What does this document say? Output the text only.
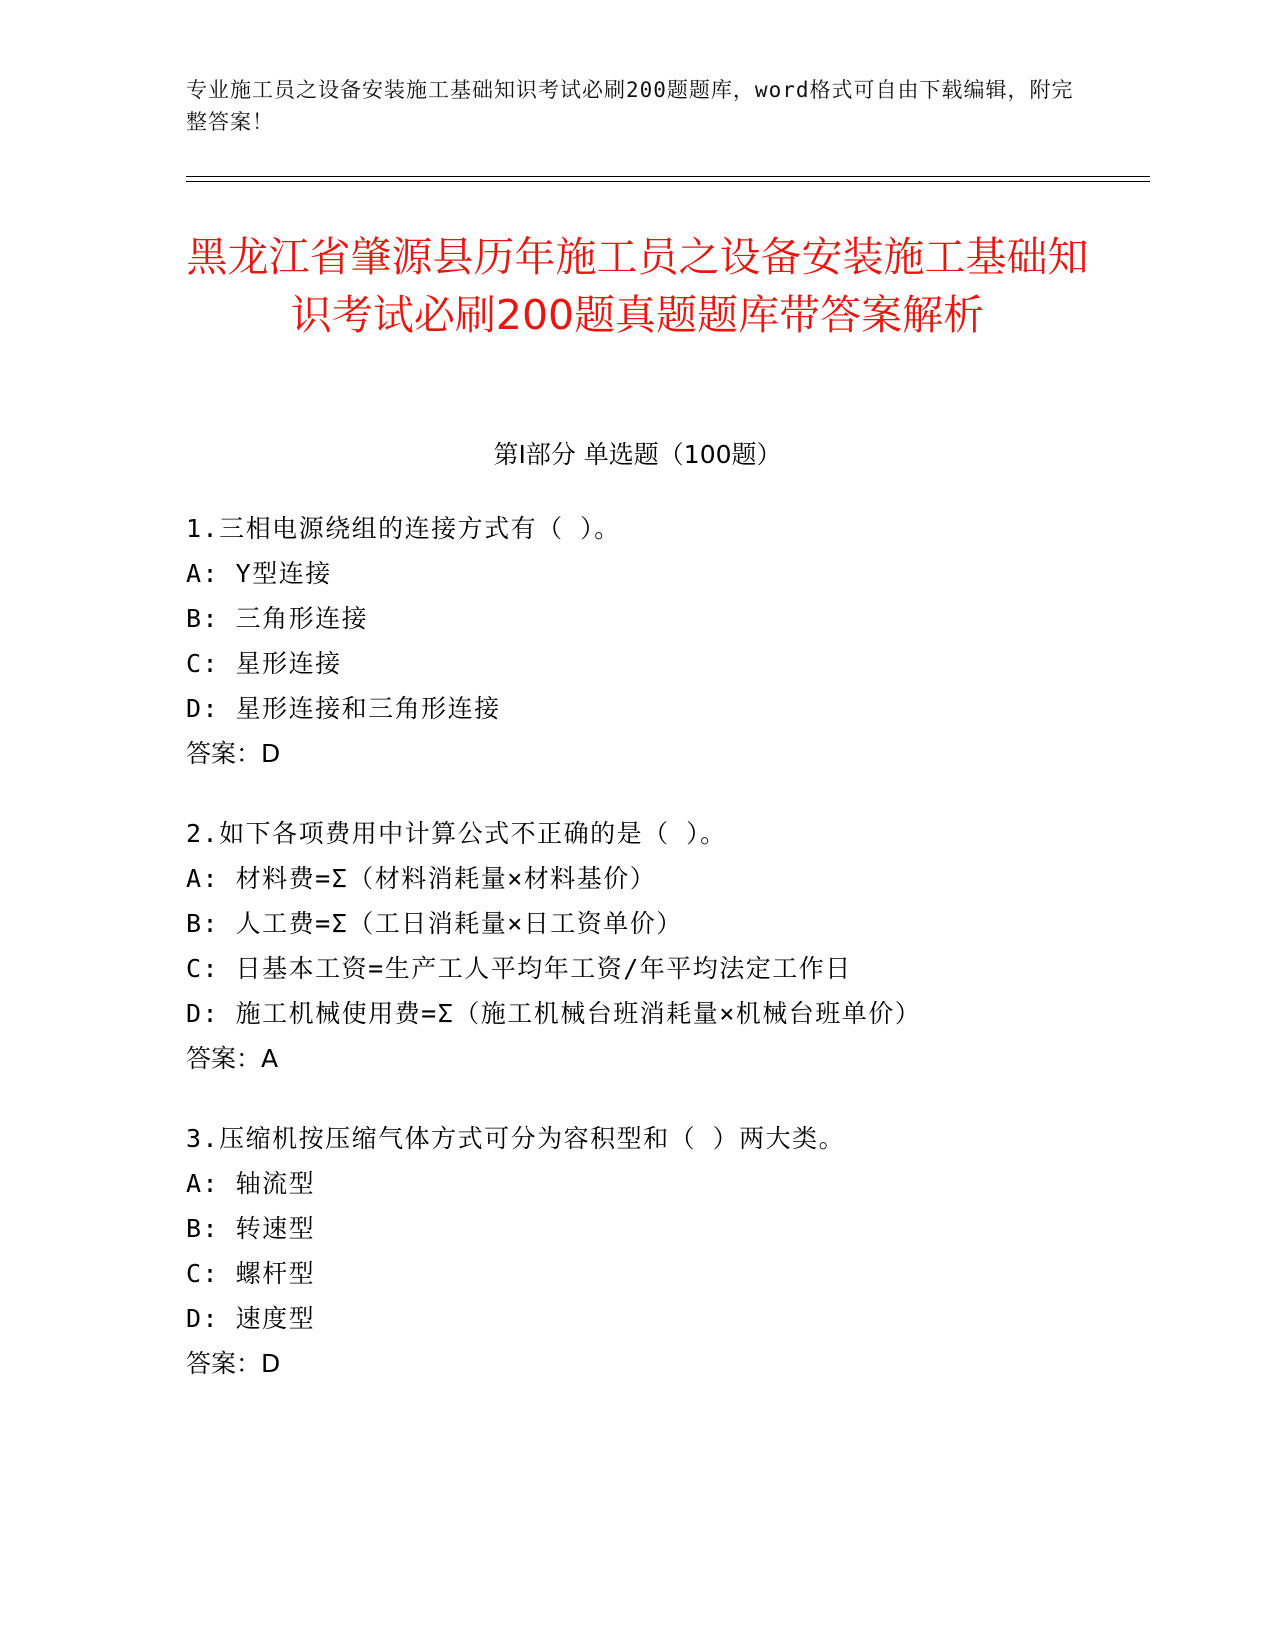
专业施工员之设备安装施工基础知识考试必刷200题题库，word格式可自由下载编辑，附完整答案！
黑龙江省肇源县历年施工员之设备安装施工基础知识考试必刷200题真题题库带答案解析
第Ⅰ部分 单选题（100题）
1.三相电源绕组的连接方式有（ ）。
A: Y型连接
B: 三角形连接
C: 星形连接
D: 星形连接和三角形连接
答案：D
2.如下各项费用中计算公式不正确的是（ ）。
A: 材料费=Σ（材料消耗量×材料基价）
B: 人工费=Σ（工日消耗量×日工资单价）
C: 日基本工资=生产工人平均年工资/年平均法定工作日
D: 施工机械使用费=Σ（施工机械台班消耗量×机械台班单价）
答案：A
3.压缩机按压缩气体方式可分为容积型和（ ）两大类。
A: 轴流型
B: 转速型
C: 螺杆型
D: 速度型
答案：D
